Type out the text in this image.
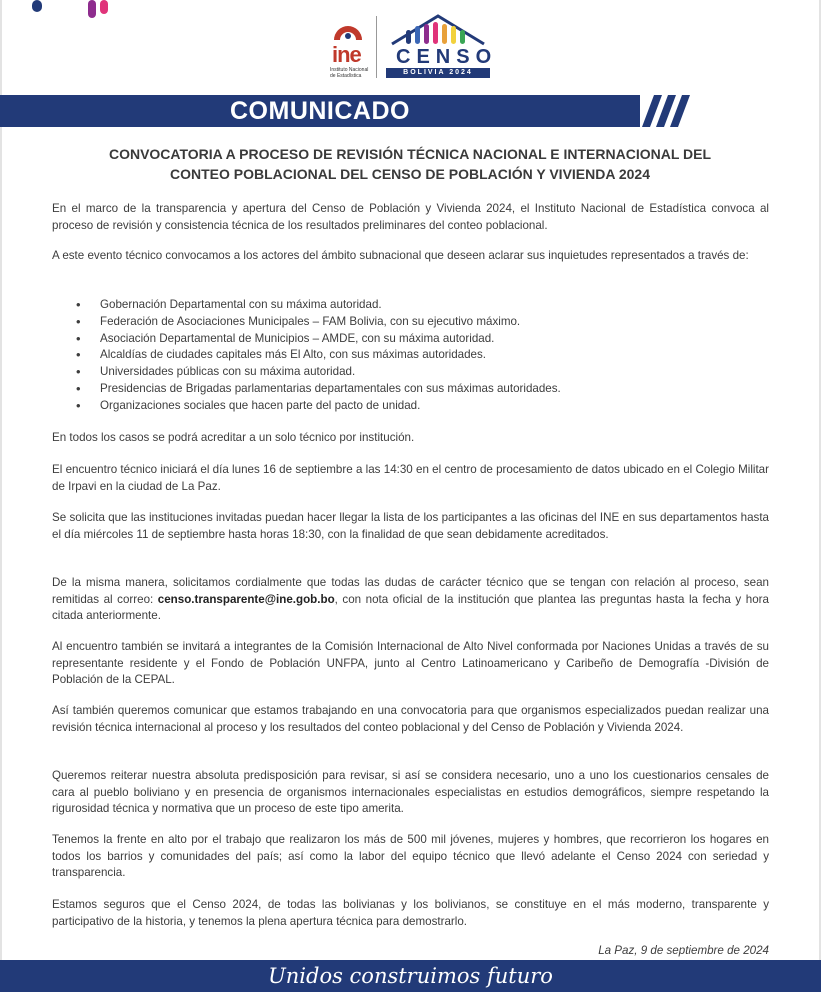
ine
Instituto Nacional de Estadística
CENSO
BOLIVIA 2024
COMUNICADO
CONVOCATORIA A PROCESO DE REVISIÓN TÉCNICA NACIONAL E INTERNACIONAL DEL
CONTEO POBLACIONAL DEL CENSO DE POBLACIÓN Y VIVIENDA 2024

En el marco de la transparencia y apertura del Censo de Población y Vivienda 2024, el Instituto Nacional de Estadística convoca al proceso de revisión y consistencia técnica de los resultados preliminares del conteo poblacional.

A este evento técnico convocamos a los actores del ámbito subnacional que deseen aclarar sus inquietudes representados a través de:

• Gobernación Departamental con su máxima autoridad.
• Federación de Asociaciones Municipales – FAM Bolivia, con su ejecutivo máximo.
• Asociación Departamental de Municipios – AMDE, con su máxima autoridad.
• Alcaldías de ciudades capitales más El Alto, con sus máximas autoridades.
• Universidades públicas con su máxima autoridad.
• Presidencias de Brigadas parlamentarias departamentales con sus máximas autoridades.
• Organizaciones sociales que hacen parte del pacto de unidad.

En todos los casos se podrá acreditar a un solo técnico por institución.

El encuentro técnico iniciará el día lunes 16 de septiembre a las 14:30 en el centro de procesamiento de datos ubicado en el Colegio Militar de Irpavi en la ciudad de La Paz.

Se solicita que las instituciones invitadas puedan hacer llegar la lista de los participantes a las oficinas del INE en sus departamentos hasta el día miércoles 11 de septiembre hasta horas 18:30, con la finalidad de que sean debidamente acreditados.

De la misma manera, solicitamos cordialmente que todas las dudas de carácter técnico que se tengan con relación al proceso, sean remitidas al correo: censo.transparente@ine.gob.bo, con nota oficial de la institución que plantea las preguntas hasta la fecha y hora citada anteriormente.

Al encuentro también se invitará a integrantes de la Comisión Internacional de Alto Nivel conformada por Naciones Unidas a través de su representante residente y el Fondo de Población UNFPA, junto al Centro Latinoamericano y Caribeño de Demografía -División de Población de la CEPAL.

Así también queremos comunicar que estamos trabajando en una convocatoria para que organismos especializados puedan realizar una revisión técnica internacional al proceso y los resultados del conteo poblacional y del Censo de Población y Vivienda 2024.

Queremos reiterar nuestra absoluta predisposición para revisar, si así se considera necesario, uno a uno los cuestionarios censales de cara al pueblo boliviano y en presencia de organismos internacionales especialistas en estudios demográficos, siempre respetando la rigurosidad técnica y normativa que un proceso de este tipo amerita.

Tenemos la frente en alto por el trabajo que realizaron los más de 500 mil jóvenes, mujeres y hombres, que recorrieron los hogares en todos los barrios y comunidades del país; así como la labor del equipo técnico que llevó adelante el Censo 2024 con seriedad y transparencia.

Estamos seguros que el Censo 2024, de todas las bolivianas y los bolivianos, se constituye en el más moderno, transparente y participativo de la historia, y tenemos la plena apertura técnica para demostrarlo.

La Paz, 9 de septiembre de 2024
Unidos construimos futuro
